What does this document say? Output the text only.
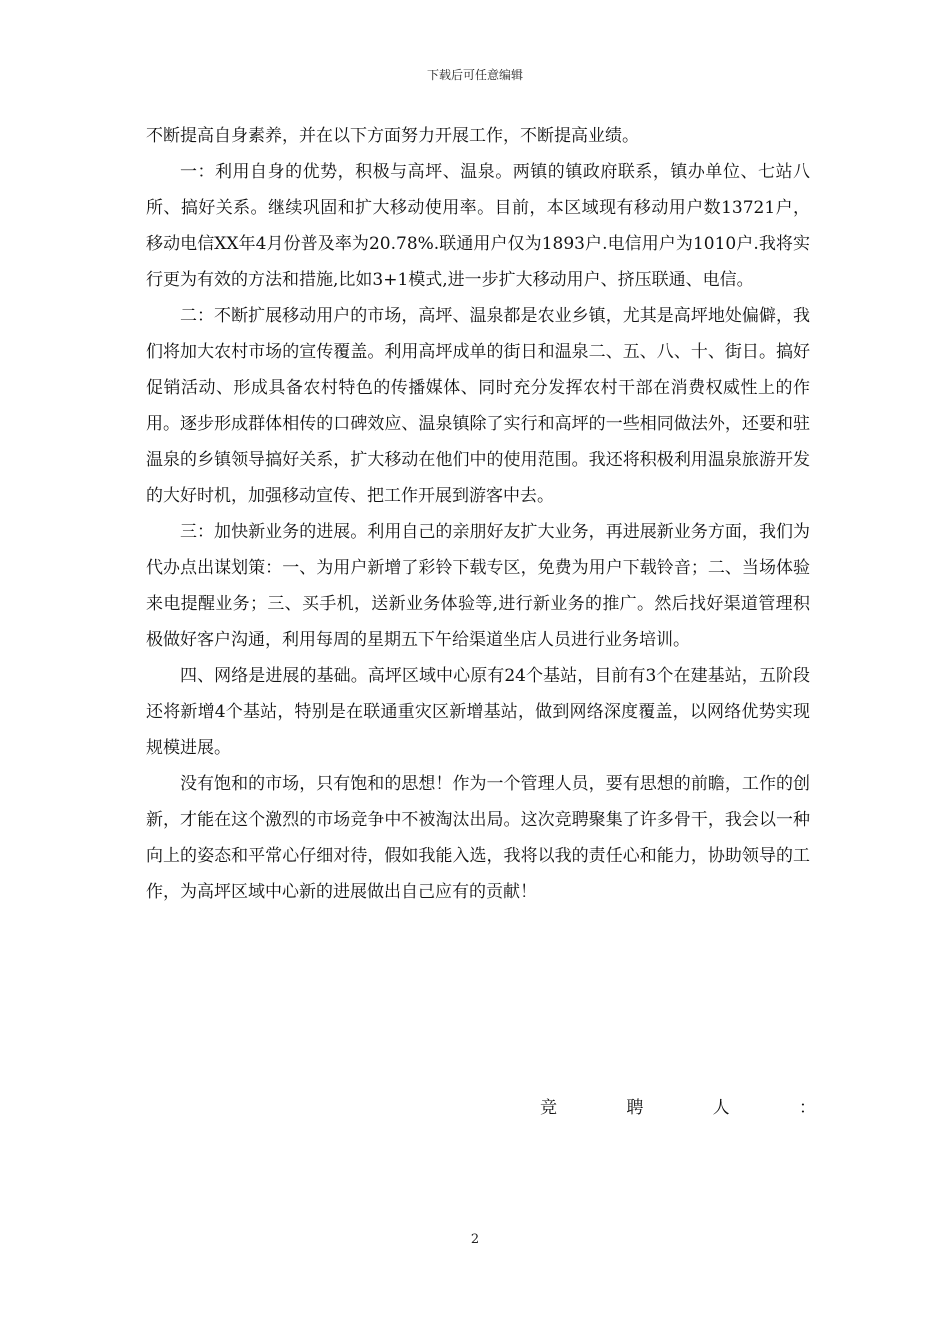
下载后可任意编辑

不断提高自身素养，并在以下方面努力开展工作，不断提高业绩。

一：利用自身的优势，积极与高坪、温泉。两镇的镇政府联系，镇办单位、七站八所、搞好关系。继续巩固和扩大移动使用率。目前，本区域现有移动用户数13721户，移动电信XX年4月份普及率为20.78%.联通用户仅为1893户.电信用户为1010户.我将实行更为有效的方法和措施,比如3+1模式,进一步扩大移动用户、挤压联通、电信。

二：不断扩展移动用户的市场，高坪、温泉都是农业乡镇，尤其是高坪地处偏僻，我们将加大农村市场的宣传覆盖。利用高坪成单的街日和温泉二、五、八、十、街日。搞好促销活动、形成具备农村特色的传播媒体、同时充分发挥农村干部在消费权威性上的作用。逐步形成群体相传的口碑效应、温泉镇除了实行和高坪的一些相同做法外，还要和驻温泉的乡镇领导搞好关系，扩大移动在他们中的使用范围。我还将积极利用温泉旅游开发的大好时机，加强移动宣传、把工作开展到游客中去。

三：加快新业务的进展。利用自己的亲朋好友扩大业务，再进展新业务方面，我们为代办点出谋划策：一、为用户新增了彩铃下载专区，免费为用户下载铃音；二、当场体验来电提醒业务；三、买手机，送新业务体验等,进行新业务的推广。然后找好渠道管理积极做好客户沟通，利用每周的星期五下午给渠道坐店人员进行业务培训。

四、网络是进展的基础。高坪区域中心原有24个基站，目前有3个在建基站，五阶段还将新增4个基站，特别是在联通重灾区新增基站，做到网络深度覆盖，以网络优势实现规模进展。

没有饱和的市场，只有饱和的思想！作为一个管理人员，要有思想的前瞻，工作的创新，才能在这个激烈的市场竞争中不被淘汰出局。这次竞聘聚集了许多骨干，我会以一种向上的姿态和平常心仔细对待，假如我能入选，我将以我的责任心和能力，协助领导的工作，为高坪区域中心新的进展做出自己应有的贡献！

竞	聘	人	：
2
